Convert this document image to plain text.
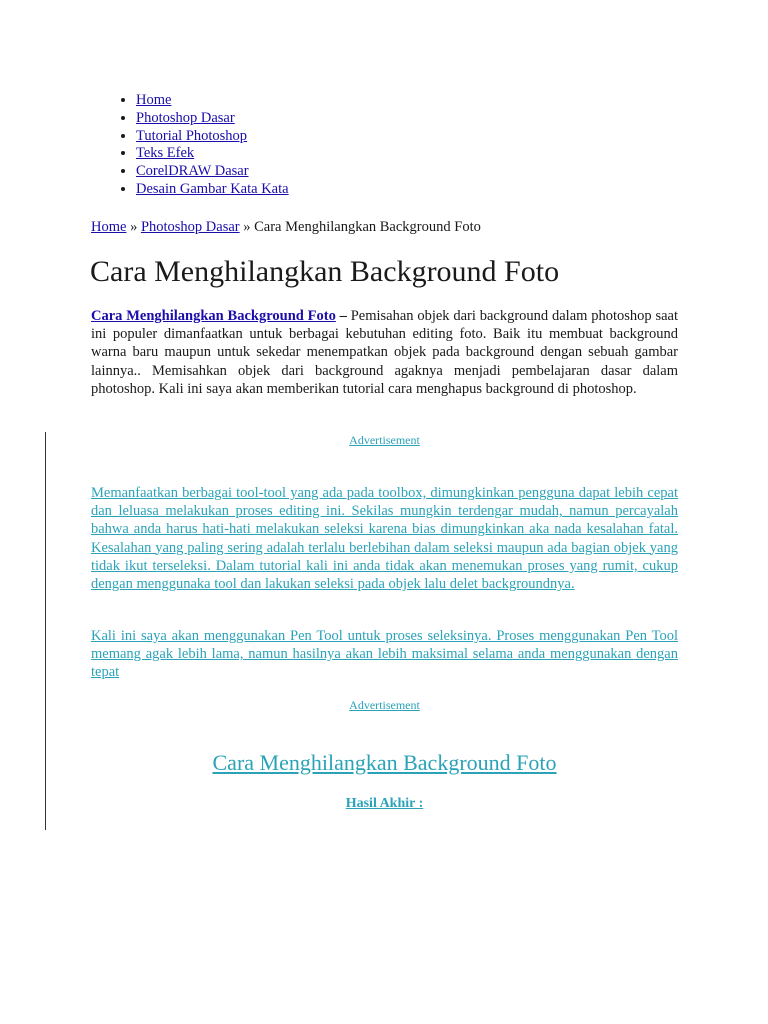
• Home
• Photoshop Dasar
• Tutorial Photoshop
• Teks Efek
• CorelDRAW Dasar
• Desain Gambar Kata Kata
Home » Photoshop Dasar » Cara Menghilangkan Background Foto
Cara Menghilangkan Background Foto

Cara Menghilangkan Background Foto – Pemisahan objek dari background dalam photoshop saat ini populer dimanfaatkan untuk berbagai kebutuhan editing foto. Baik itu membuat background warna baru maupun untuk sekedar menempatkan objek pada background dengan sebuah gambar lainnya.. Memisahkan objek dari background agaknya menjadi pembelajaran dasar dalam photoshop. Kali ini saya akan memberikan tutorial cara menghapus background di photoshop.

Advertisement

Memanfaatkan berbagai tool-tool yang ada pada toolbox, dimungkinkan pengguna dapat lebih cepat dan leluasa melakukan proses editing ini. Sekilas mungkin terdengar mudah, namun percayalah bahwa anda harus hati-hati melakukan seleksi karena bias dimungkinkan aka nada kesalahan fatal. Kesalahan yang paling sering adalah terlalu berlebihan dalam seleksi maupun ada bagian objek yang tidak ikut terseleksi. Dalam tutorial kali ini anda tidak akan menemukan proses yang rumit, cukup dengan menggunaka tool dan lakukan seleksi pada objek lalu delet backgroundnya.

Kali ini saya akan menggunakan Pen Tool untuk proses seleksinya. Proses menggunakan Pen Tool memang agak lebih lama, namun hasilnya akan lebih maksimal selama anda menggunakan dengan tepat

Advertisement
Cara Menghilangkan Background Foto
Hasil Akhir :
